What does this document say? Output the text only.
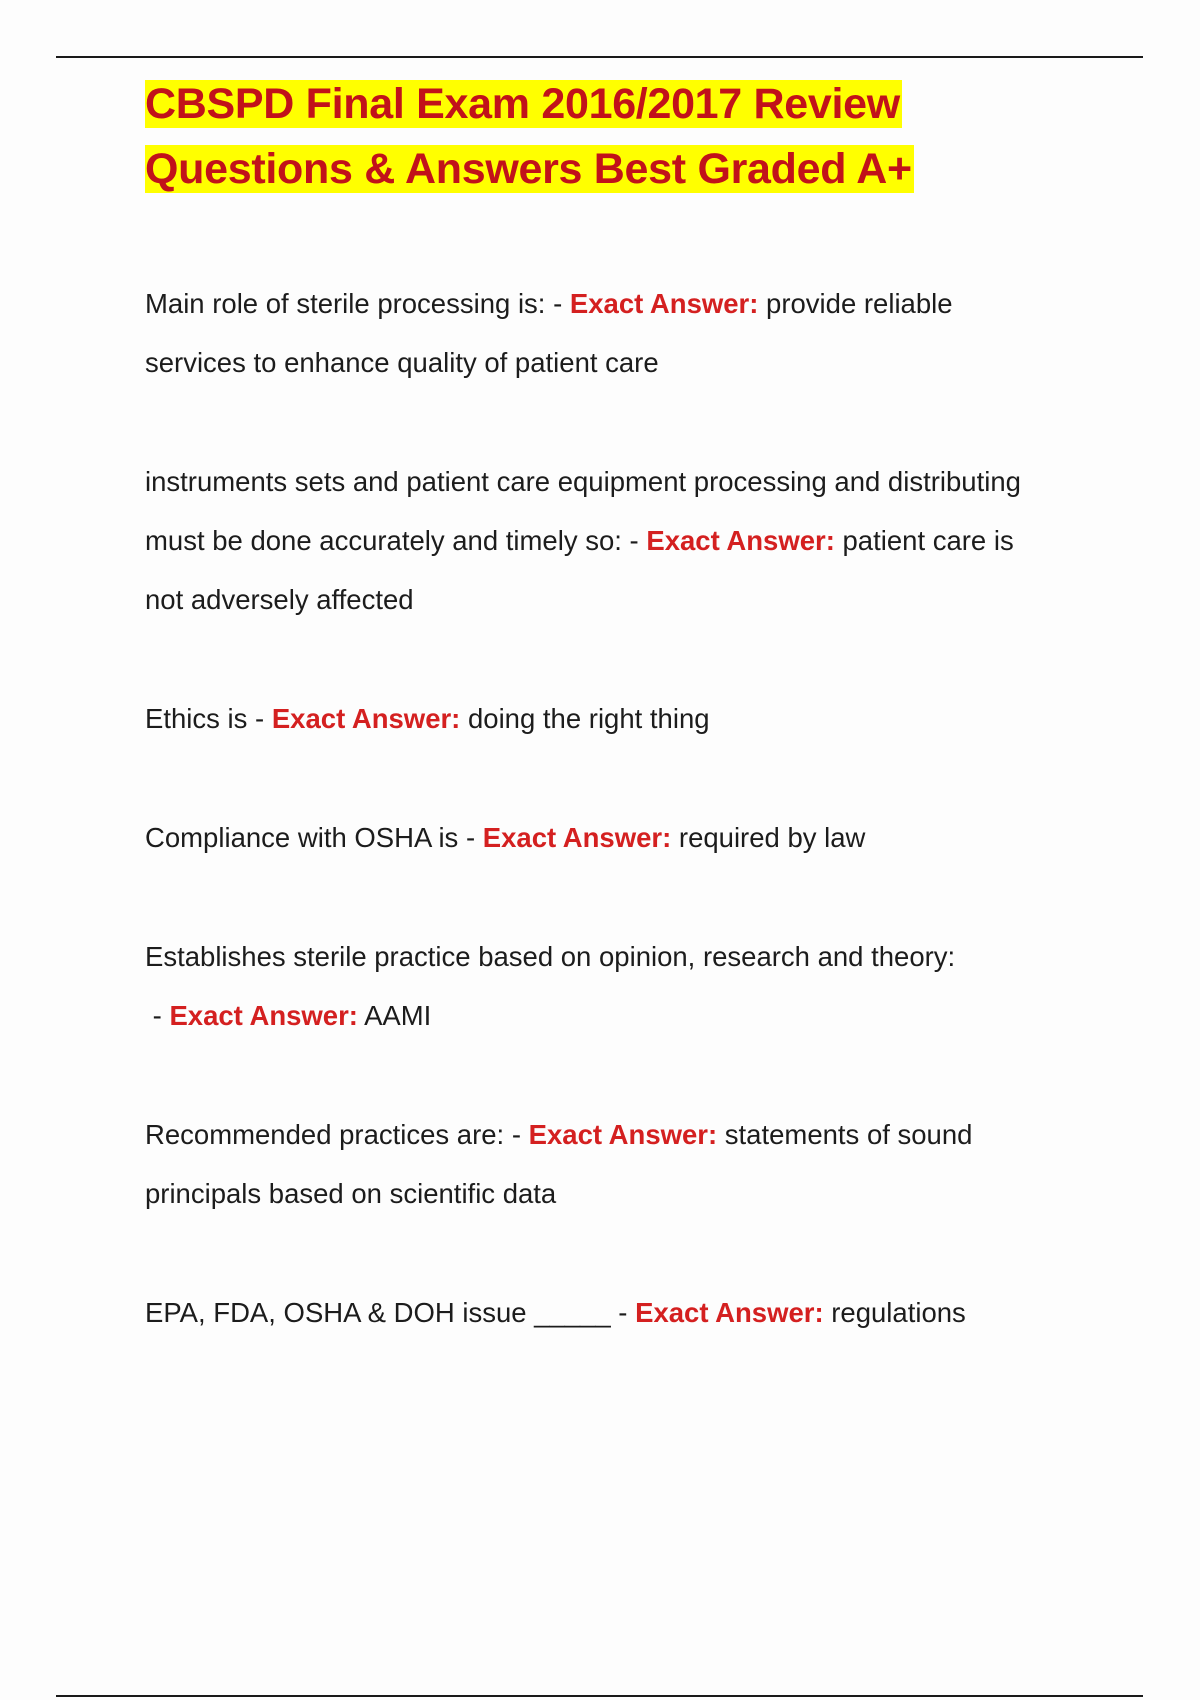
CBSPD Final Exam 2016/2017 Review
Questions & Answers Best Graded A+
Main role of sterile processing is: - Exact Answer: provide reliable services to enhance quality of patient care
instruments sets and patient care equipment processing and distributing must be done accurately and timely so: - Exact Answer: patient care is not adversely affected
Ethics is - Exact Answer: doing the right thing
Compliance with OSHA is - Exact Answer: required by law
Establishes sterile practice based on opinion, research and theory: - Exact Answer: AAMI
Recommended practices are: - Exact Answer: statements of sound principals based on scientific data
EPA, FDA, OSHA & DOH issue _____ - Exact Answer: regulations
